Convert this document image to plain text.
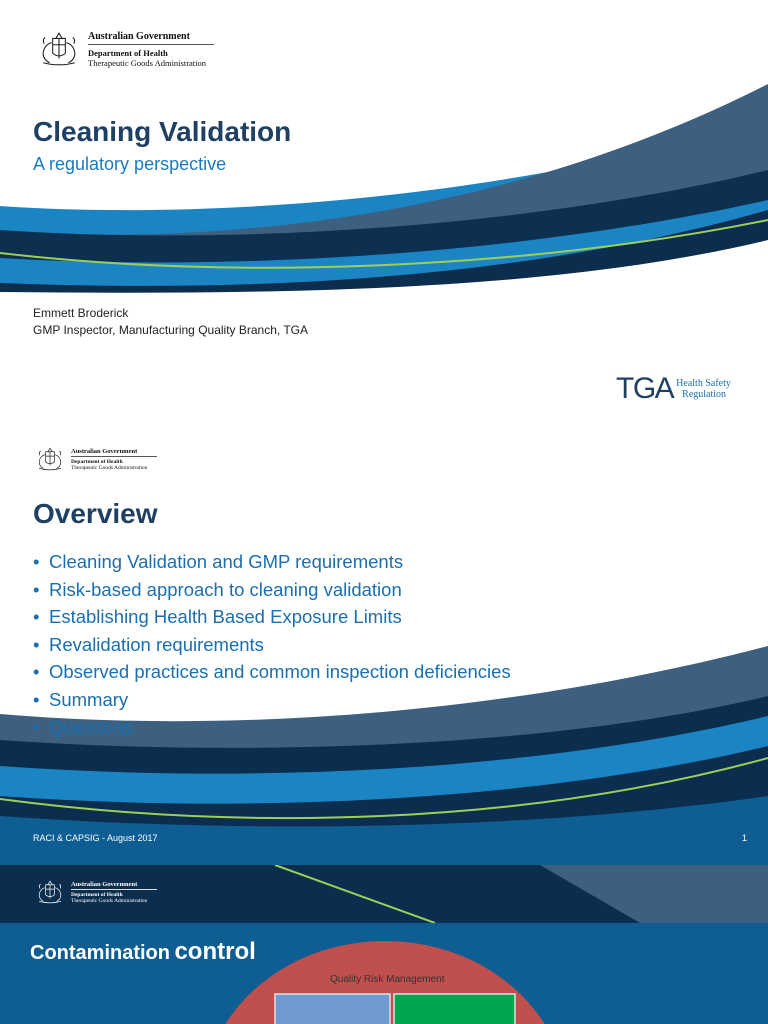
Australian Government
Department of Health
Therapeutic Goods Administration
Cleaning Validation
A regulatory perspective
Emmett Broderick
GMP Inspector, Manufacturing Quality Branch, TGA
TGA Health Safety
Regulation
Australian Government
Department of Health
Therapeutic Goods Administration
Overview
• Cleaning Validation and GMP requirements
• Risk-based approach to cleaning validation
• Establishing Health Based Exposure Limits
• Revalidation requirements
• Observed practices and common inspection deficiencies
• Summary
• Questions
RACI & CAPSIG - August 2017	1
Australian Government
Department of Health
Therapeutic Goods Administration
Quality Risk Management
Contamination control
